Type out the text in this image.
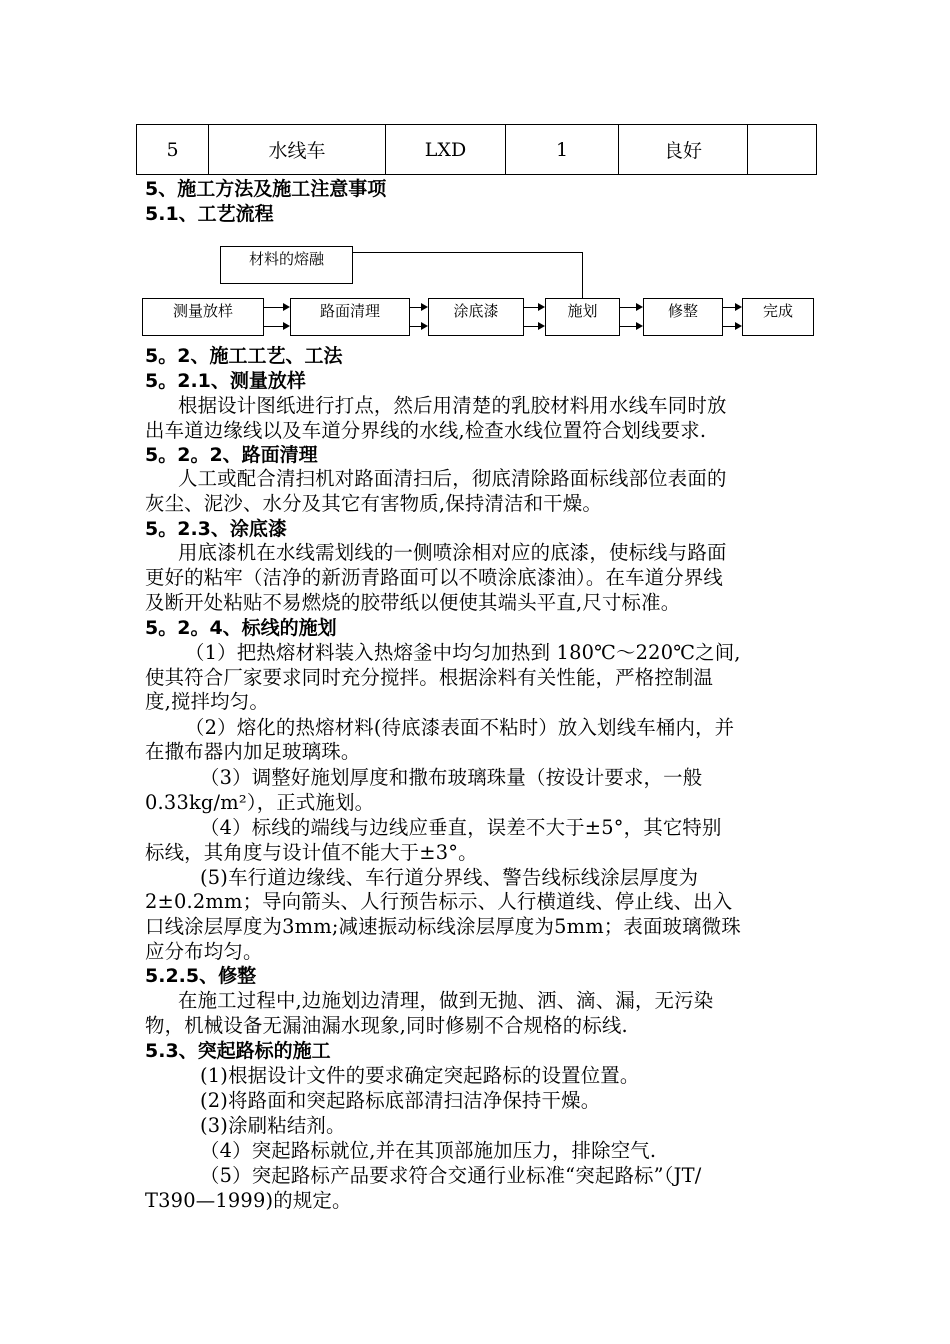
5	水线车	LXD	1	良好	
5、施工方法及施工注意事项
5.1、工艺流程
材料的熔融
测量放样	路面清理	涂底漆	施划	修整	完成
5。2、施工工艺、工法
5。2.1、测量放样
根据设计图纸进行打点，然后用清楚的乳胶材料用水线车同时放
出车道边缘线以及车道分界线的水线,检查水线位置符合划线要求.
5。2。2、路面清理
人工或配合清扫机对路面清扫后，彻底清除路面标线部位表面的
灰尘、泥沙、水分及其它有害物质,保持清洁和干燥。
5。2.3、涂底漆
用底漆机在水线需划线的一侧喷涂相对应的底漆，使标线与路面
更好的粘牢（洁净的新沥青路面可以不喷涂底漆油）。在车道分界线
及断开处粘贴不易燃烧的胶带纸以便使其端头平直,尺寸标准。
5。2。4、标线的施划
（1）把热熔材料装入热熔釜中均匀加热到 180℃～220℃之间,
使其符合厂家要求同时充分搅拌。根据涂料有关性能，严格控制温
度,搅拌均匀。
（2）熔化的热熔材料(待底漆表面不粘时）放入划线车桶内，并
在撒布器内加足玻璃珠。
（3）调整好施划厚度和撒布玻璃珠量（按设计要求，一般
0.33kg/m²），正式施划。
（4）标线的端线与边线应垂直，误差不大于±5°，其它特别
标线，其角度与设计值不能大于±3°。
(5)车行道边缘线、车行道分界线、警告线标线涂层厚度为
2±0.2mm；导向箭头、人行预告标示、人行横道线、停止线、出入
口线涂层厚度为3mm;减速振动标线涂层厚度为5mm；表面玻璃微珠
应分布均匀。
5.2.5、修整
在施工过程中,边施划边清理，做到无抛、洒、滴、漏，无污染
物，机械设备无漏油漏水现象,同时修剔不合规格的标线.
5.3、突起路标的施工
(1)根据设计文件的要求确定突起路标的设置位置。
(2)将路面和突起路标底部清扫洁净保持干燥。
(3)涂刷粘结剂。
（4）突起路标就位,并在其顶部施加压力，排除空气.
（5）突起路标产品要求符合交通行业标准“突起路标”（JT/
T390—1999)的规定。
